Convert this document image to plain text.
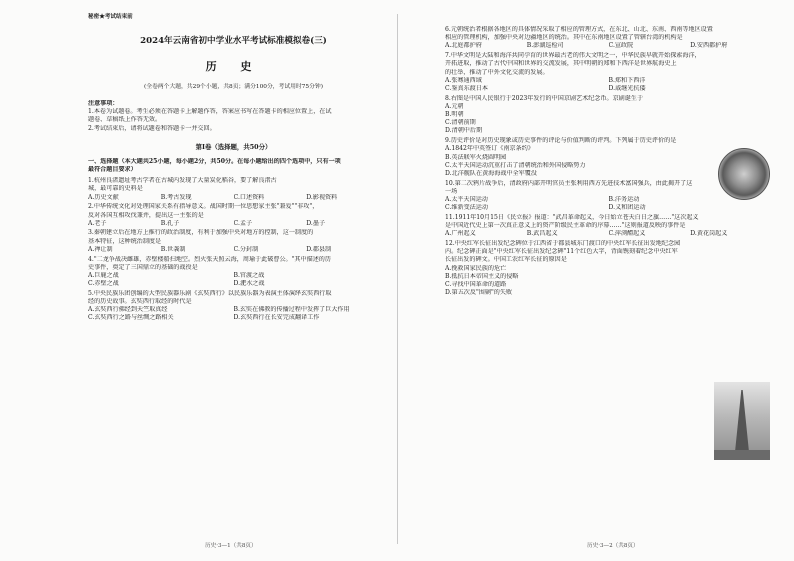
秘密★考试结束前
2024年云南省初中学业水平考试标准模拟卷(三)
历 史
(全卷两个大题，共29个小题，共8页；满分100分，考试用时75分钟)
注意事项：
1.本卷为试题卷。考生必须在答题卡上解题作答，答案应书写在答题卡的相应位置上，在试
题卷、草稿纸上作答无效。
2.考试结束后，请将试题卷和答题卡一并交回。
第Ⅰ卷（选择题，共50分）
一、选择题（本大题共25小题，每小题2分，共50分。在每小题给出的四个选项中，只有一项
最符合题目要求）
1.杭州良渚遗址考古学者在古城内发现了大量炭化稻谷，要了解良渚古
城，最可靠的史料是
A.历史文献	B.考古发现	C.口述资料	D.影视资料
2.中华传统文化对处理国家关系有指导意义。战国时期一位思想家主张"兼爱""非攻"，
反对各国互相攻伐兼并，提出这一主张的是
A.老子	B.孔子	C.孟子	D.墨子
3.秦朝建立后在地方上推行的政治制度，有利于加强中央对地方的控制，这一制度的
基本特征，这种统治制度是
A.禅让制	B.世袭制	C.分封制	D.郡县制
4."二龙争战决雌雄，赤壁楼船扫地空。烈火张天照云海，周瑜于此破曹公。"其中描述的历
史事件，奠定了三国鼎立的基础的战役是
A.巨鹿之战	B.官渡之战
C.赤壁之战	D.淝水之战
5.中央民族乐团创编的大型民族器乐剧《玄奘西行》以民族乐器为表演主体演绎玄奘西行取
经的历史故事。玄奘西行取经的时代是
A.玄奘西行佛经到天竺取真经	B.玄奘在佛教的传播过程中发挥了巨大作用
C.玄奘西行之路与丝绸之路相关	D.玄奘西行在长安完成翻译工作
历史·3—1（共8页）
6.元朝统治者根据各地区的具体情况采取了相应的管理方式，在东北、山北、东南、西南等地区设置
相应的管理机构，加强中央对边疆地区的统治。其中在东南地区设置了管辖台湾的机构是
A.北庭都护府	B.澎湖巡检司	C.宣政院	D.安西都护府
7.中华文明是大陆和海洋共同孕育的世界最古老的伟大文明之一，中华民族早就开始探索海洋，
开拓进取，推动了古代中国和世界的交流发展，其中明朝的郑和下西洋是世界航海史上
的壮举，推动了中外文化交流的发展。
A.张骞通西域	B.郑和下西洋
C.鉴真东渡日本	D.戚继光抗倭
8.右图是中国人民银行于2023年发行的中国京剧艺术纪念币。京剧诞生于
A.元朝
B.明朝
C.清朝前期
D.清朝中后期
9.历史评价是对历史现象或历史事件的评论与价值判断的评判。下列属于历史评价的是
A.1842年中英签订《南京条约》
B.英法联军火烧圆明园
C.太平天国运动沉重打击了清朝统治和外国侵略势力
D.北洋舰队在黄海海战中全军覆没
10.第二次鸦片战争后，清政府内部开明官员主张利用西方先进技术富国强兵，由此揭开了这
一场
A.太平天国运动	B.洋务运动
C.维新变法运动	D.义和团运动
11.1911年10月15日《民立报》报道："武昌革命起义，今日始立苍天白日之旗……"这次起义
是中国近代史上第一次真正意义上的资产阶级民主革命的序幕……"这则报道反映的事件是
A.广州起义	B.武昌起义	C.萍浏醴起义	D.黄花岗起义
12.中央红军长征出发纪念碑位于江西省于都县城东门渡口的中央红军长征出发地纪念园
内。纪念碑正面是"中央红军长征出发纪念碑"11个红色大字，背面镌刻着纪念中央红军
长征出发的碑文。中国工农红军长征的原因是
A.挽救国家民族的危亡
B.抵抗日本帝国主义的侵略
C.寻找中国革命的道路
D.第五次反"围剿"的失败
历史·3—2（共8页）
